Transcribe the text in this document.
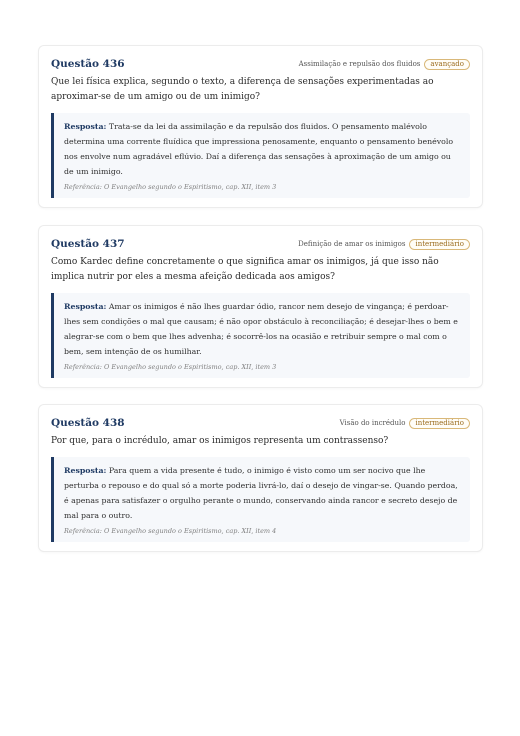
Questão 436	Assimilação e repulsão dos fluidos	avançado
Que lei física explica, segundo o texto, a diferença de sensações experimentadas ao aproximar-se de um amigo ou de um inimigo?
Resposta: Trata-se da lei da assimilação e da repulsão dos fluidos. O pensamento malévolo determina uma corrente fluídica que impressiona penosamente, enquanto o pensamento benévolo nos envolve num agradável eflúvio. Daí a diferença das sensações à aproximação de um amigo ou de um inimigo.
Referência: O Evangelho segundo o Espiritismo, cap. XII, item 3
Questão 437	Definição de amar os inimigos	intermediário
Como Kardec define concretamente o que significa amar os inimigos, já que isso não implica nutrir por eles a mesma afeição dedicada aos amigos?
Resposta: Amar os inimigos é não lhes guardar ódio, rancor nem desejo de vingança; é perdoar-lhes sem condições o mal que causam; é não opor obstáculo à reconciliação; é desejar-lhes o bem e alegrar-se com o bem que lhes advenha; é socorrê-los na ocasião e retribuir sempre o mal com o bem, sem intenção de os humilhar.
Referência: O Evangelho segundo o Espiritismo, cap. XII, item 3
Questão 438	Visão do incrédulo	intermediário
Por que, para o incrédulo, amar os inimigos representa um contrassenso?
Resposta: Para quem a vida presente é tudo, o inimigo é visto como um ser nocivo que lhe perturba o repouso e do qual só a morte poderia livrá-lo, daí o desejo de vingar-se. Quando perdoa, é apenas para satisfazer o orgulho perante o mundo, conservando ainda rancor e secreto desejo de mal para o outro.
Referência: O Evangelho segundo o Espiritismo, cap. XII, item 4
